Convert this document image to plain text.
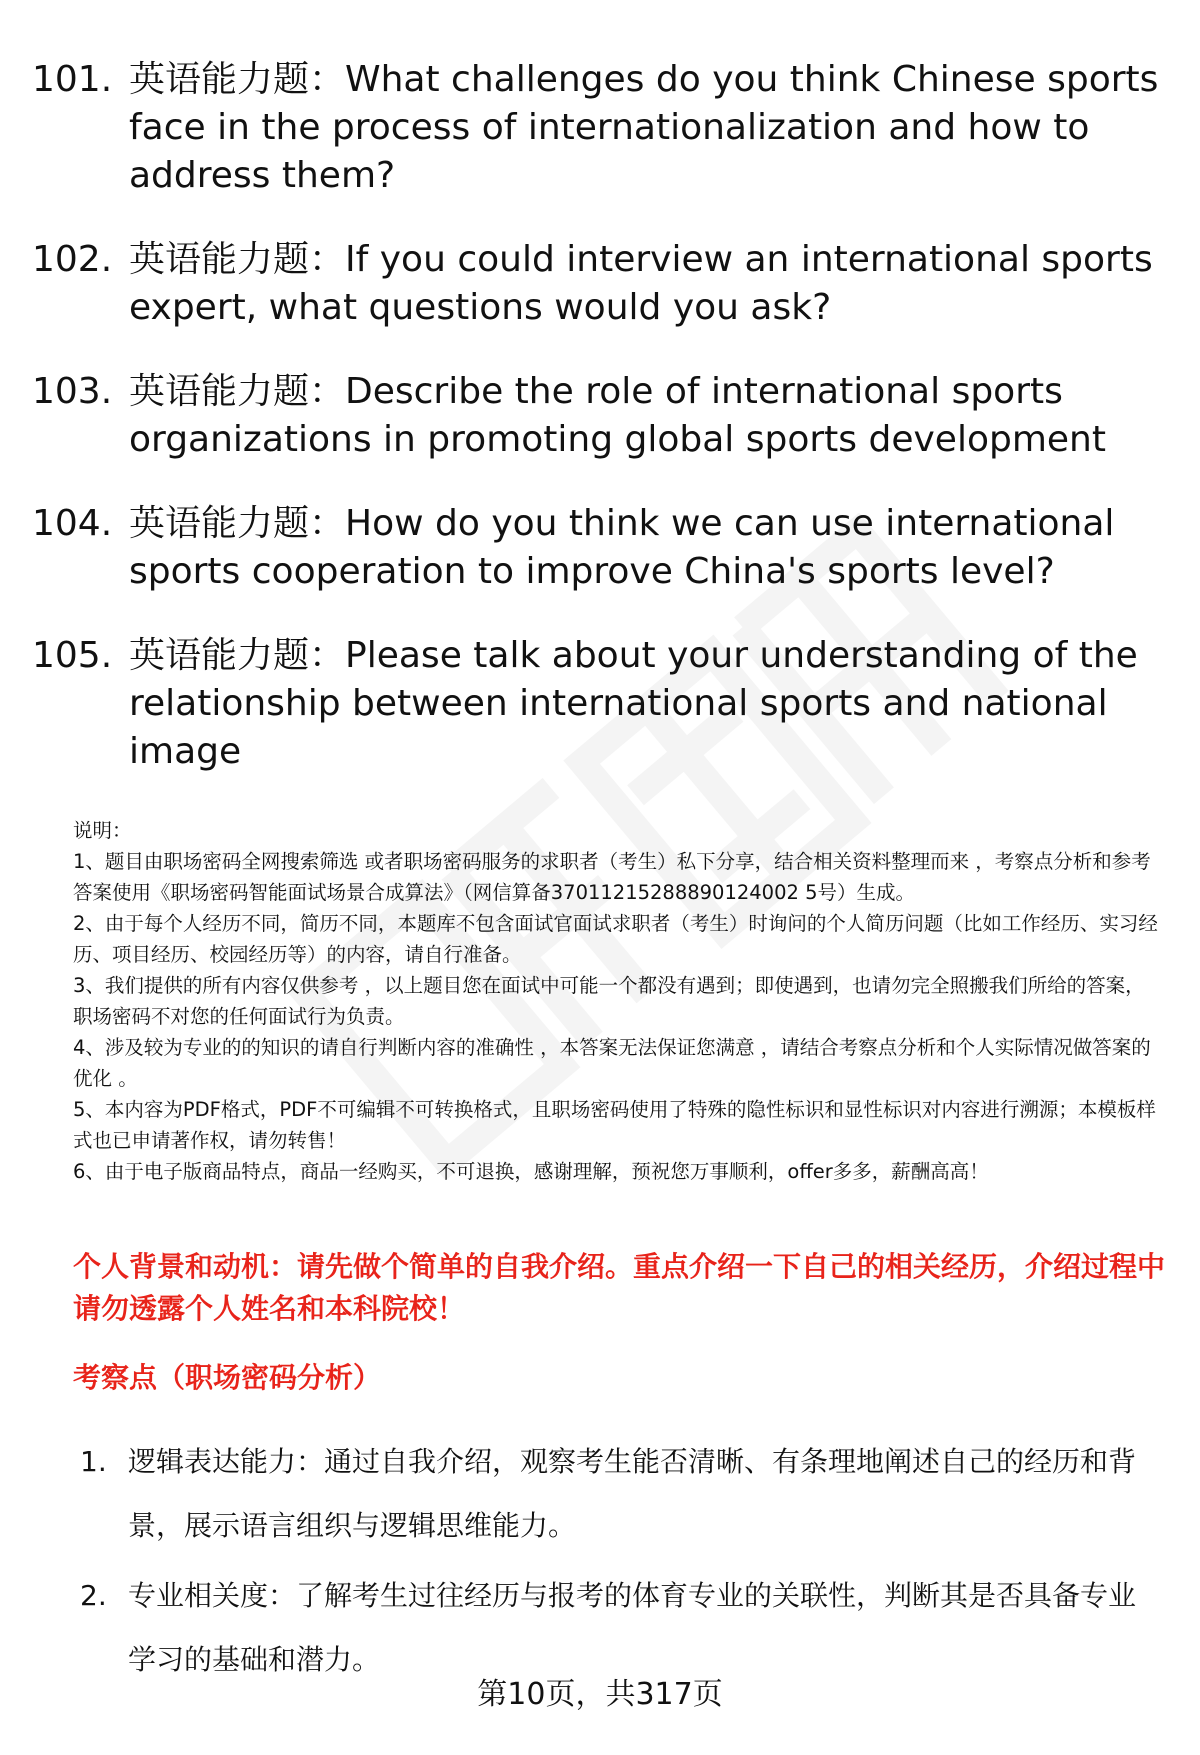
101. 英语能力题：What challenges do you think Chinese sports face in the process of internationalization and how to address them?
102. 英语能力题：If you could interview an international sports expert, what questions would you ask?
103. 英语能力题：Describe the role of international sports organizations in promoting global sports development
104. 英语能力题：How do you think we can use international sports cooperation to improve China's sports level?
105. 英语能力题：Please talk about your understanding of the relationship between international sports and national image

说明：

1、题目由职场密码全网搜索筛选 或者职场密码服务的求职者（考生）私下分享，结合相关资料整理而来 ，考察点分析和参考答案使用《职场密码智能面试场景合成算法》（网信算备37011215288890124002 5号）生成。

2、由于每个人经历不同，简历不同，本题库不包含面试官面试求职者（考生）时询问的个人简历问题（比如工作经历、实习经历、项目经历、校园经历等）的内容，请自行准备。

3、我们提供的所有内容仅供参考 ，以上题目您在面试中可能一个都没有遇到；即使遇到，也请勿完全照搬我们所给的答案，职场密码不对您的任何面试行为负责。

4、涉及较为专业的的知识的请自行判断内容的准确性 ，本答案无法保证您满意 ，请结合考察点分析和个人实际情况做答案的优化 。

5、本内容为PDF格式，PDF不可编辑不可转换格式，且职场密码使用了特殊的隐性标识和显性标识对内容进行溯源；本模板样式也已申请著作权，请勿转售！

6、由于电子版商品特点，商品一经购买，不可退换，感谢理解，预祝您万事顺利，offer多多，薪酬高高！

个人背景和动机：请先做个简单的自我介绍。重点介绍一下自己的相关经历，介绍过程中请勿透露个人姓名和本科院校！
考察点（职场密码分析）
1. 逻辑表达能力：通过自我介绍，观察考生能否清晰、有条理地阐述自己的经历和背景，展示语言组织与逻辑思维能力。
2. 专业相关度：了解考生过往经历与报考的体育专业的关联性，判断其是否具备专业学习的基础和潜力。
第10页，共317页
